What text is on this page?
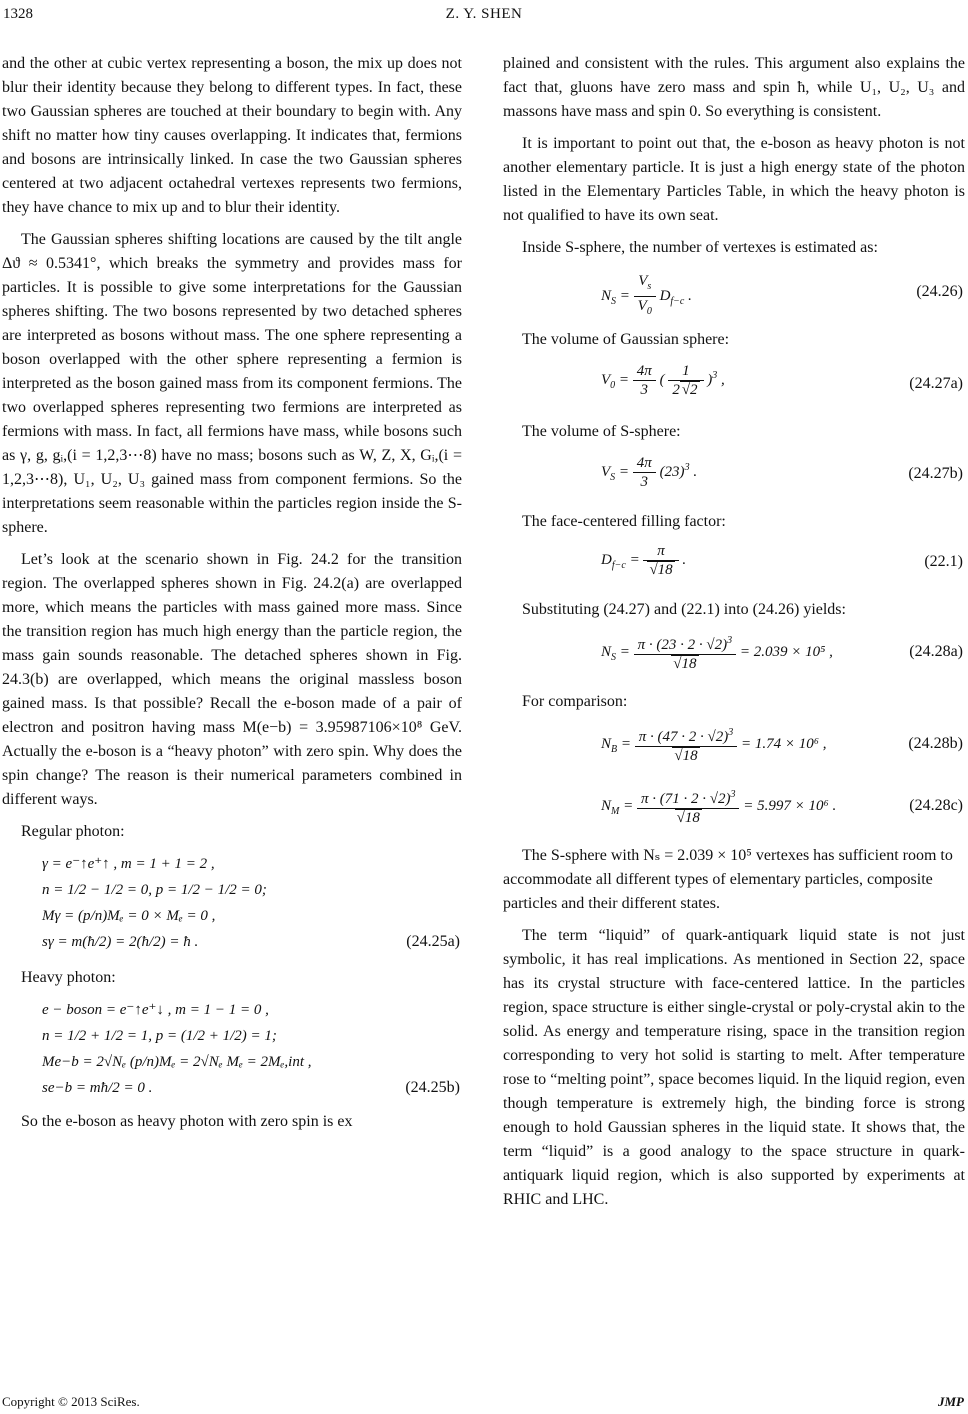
1328	Z. Y. SHEN

and the other at cubic vertex representing a boson, the mix up does not blur their identity because they belong to different types. In fact, these two Gaussian spheres are touched at their boundary to begin with. Any shift no matter how tiny causes overlapping. It indicates that, fermions and bosons are intrinsically linked. In case the two Gaussian spheres centered at two adjacent octahedral vertexes represents two fermions, they have chance to mix up and to blur their identity.

The Gaussian spheres shifting locations are caused by the tilt angle Δϑ ≈ 0.5341°, which breaks the symmetry and provides mass for particles. It is possible to give some interpretations for the Gaussian spheres shifting. The two bosons represented by two detached spheres are interpreted as bosons without mass. The one sphere representing a boson overlapped with the other sphere representing a fermion is interpreted as the boson gained mass from its component fermions. The two overlapped spheres representing two fermions are interpreted as fermions with mass. In fact, all fermions have mass, while bosons such as γ, g, gᵢ,(i = 1,2,3⋯8) have no mass; bosons such as W, Z, X, Gᵢ,(i = 1,2,3⋯8), U₁, U₂, U₃ gained mass from component fermions. So the interpretations seem reasonable within the particles region inside the S-sphere.

Let’s look at the scenario shown in Fig. 24.2 for the transition region. The overlapped spheres shown in Fig. 24.2(a) are overlapped more, which means the particles with mass gained more mass. Since the transition region has much high energy than the particle region, the mass gain sounds reasonable. The detached spheres shown in Fig. 24.3(b) are overlapped, which means the original massless boson gained mass. Is that possible? Recall the e-boson made of a pair of electron and positron having mass M(e−b) = 3.95987106×10⁸ GeV. Actually the e-boson is a “heavy photon” with zero spin. Why does the spin change? The reason is their numerical parameters combined in different ways.

Regular photon:
γ = e⁻↑e⁺↑ , m = 1 + 1 = 2 ,
n = 1/2 − 1/2 = 0, p = 1/2 − 1/2 = 0;
Mγ = (p/n)Mₑ = 0 × Mₑ = 0 ,
sγ = m(ħ/2) = 2(ħ/2) = ħ .	(24.25a)
Heavy photon:
e − boson = e⁻↑e⁺↓ , m = 1 − 1 = 0 ,
n = 1/2 + 1/2 = 1, p = (1/2 + 1/2) = 1;
Me−b = 2√Nₑ (p/n)Mₑ = 2√Nₑ Mₑ = 2Mₑ,int ,
se−b = mħ/2 = 0 .	(24.25b)

So the e-boson as heavy photon with zero spin is ex

plained and consistent with the rules. This argument also explains the fact that, gluons have zero mass and spin ħ, while U₁, U₂, U₃ and massons have mass and spin 0. So everything is consistent.

It is important to point out that, the e-boson as heavy photon is not another elementary particle. It is just a high energy state of the photon listed in the Elementary Particles Table, in which the heavy photon is not qualified to have its own seat.

Inside S-sphere, the number of vertexes is estimated as:

$N_S = \frac{V_s}{V_0} D_{f-c}$ .	(24.26)
The volume of Gaussian sphere:
$V_0 = \frac{4\pi}{3}$ ( $\frac{1}{2 √2} )^3$ ,	(24.27a)
The volume of S-sphere:
$V_S = \frac{4\pi}{3} (23)^3$ .	(24.27b)
The face-centered filling factor:
$D_{f-c} = \frac{\pi}{√18}$ .	(22.1)
Substituting (24.27) and (22.1) into (24.26) yields:
$N_S = \frac{\pi \cdot (23 \cdot 2 \cdot √2)^3}{√18} = 2.039 \times 10^5$ ,	(24.28a)
For comparison:
$N_B = \frac{\pi \cdot (47 \cdot 2 \cdot √2)^3}{√18} = 1.74 \times 10^6$ ,	(24.28b)
$N_M = \frac{\pi \cdot (71 \cdot 2 \cdot √2)^3}{√18} = 5.997 \times 10^6$ .	(24.28c)

The S-sphere with Nₛ = 2.039 × 10⁵ vertexes has sufficient room to accommodate all different types of elementary particles, composite particles and their different states.

The term “liquid” of quark-antiquark liquid state is not just symbolic, it has real implications. As mentioned in Section 22, space has its crystal structure with face-centered lattice. In the particles region, space structure is either single-crystal or poly-crystal akin to the solid. As energy and temperature rising, space in the transition region corresponding to very hot solid is starting to melt. After temperature rose to “melting point”, space becomes liquid. In the liquid region, even though temperature is extremely high, the binding force is strong enough to hold Gaussian spheres in the liquid state. It shows that, the term “liquid” is a good analogy to the space structure in quark-antiquark liquid region, which is also supported by experiments at RHIC and LHC.

Copyright © 2013 SciRes.	JMP
